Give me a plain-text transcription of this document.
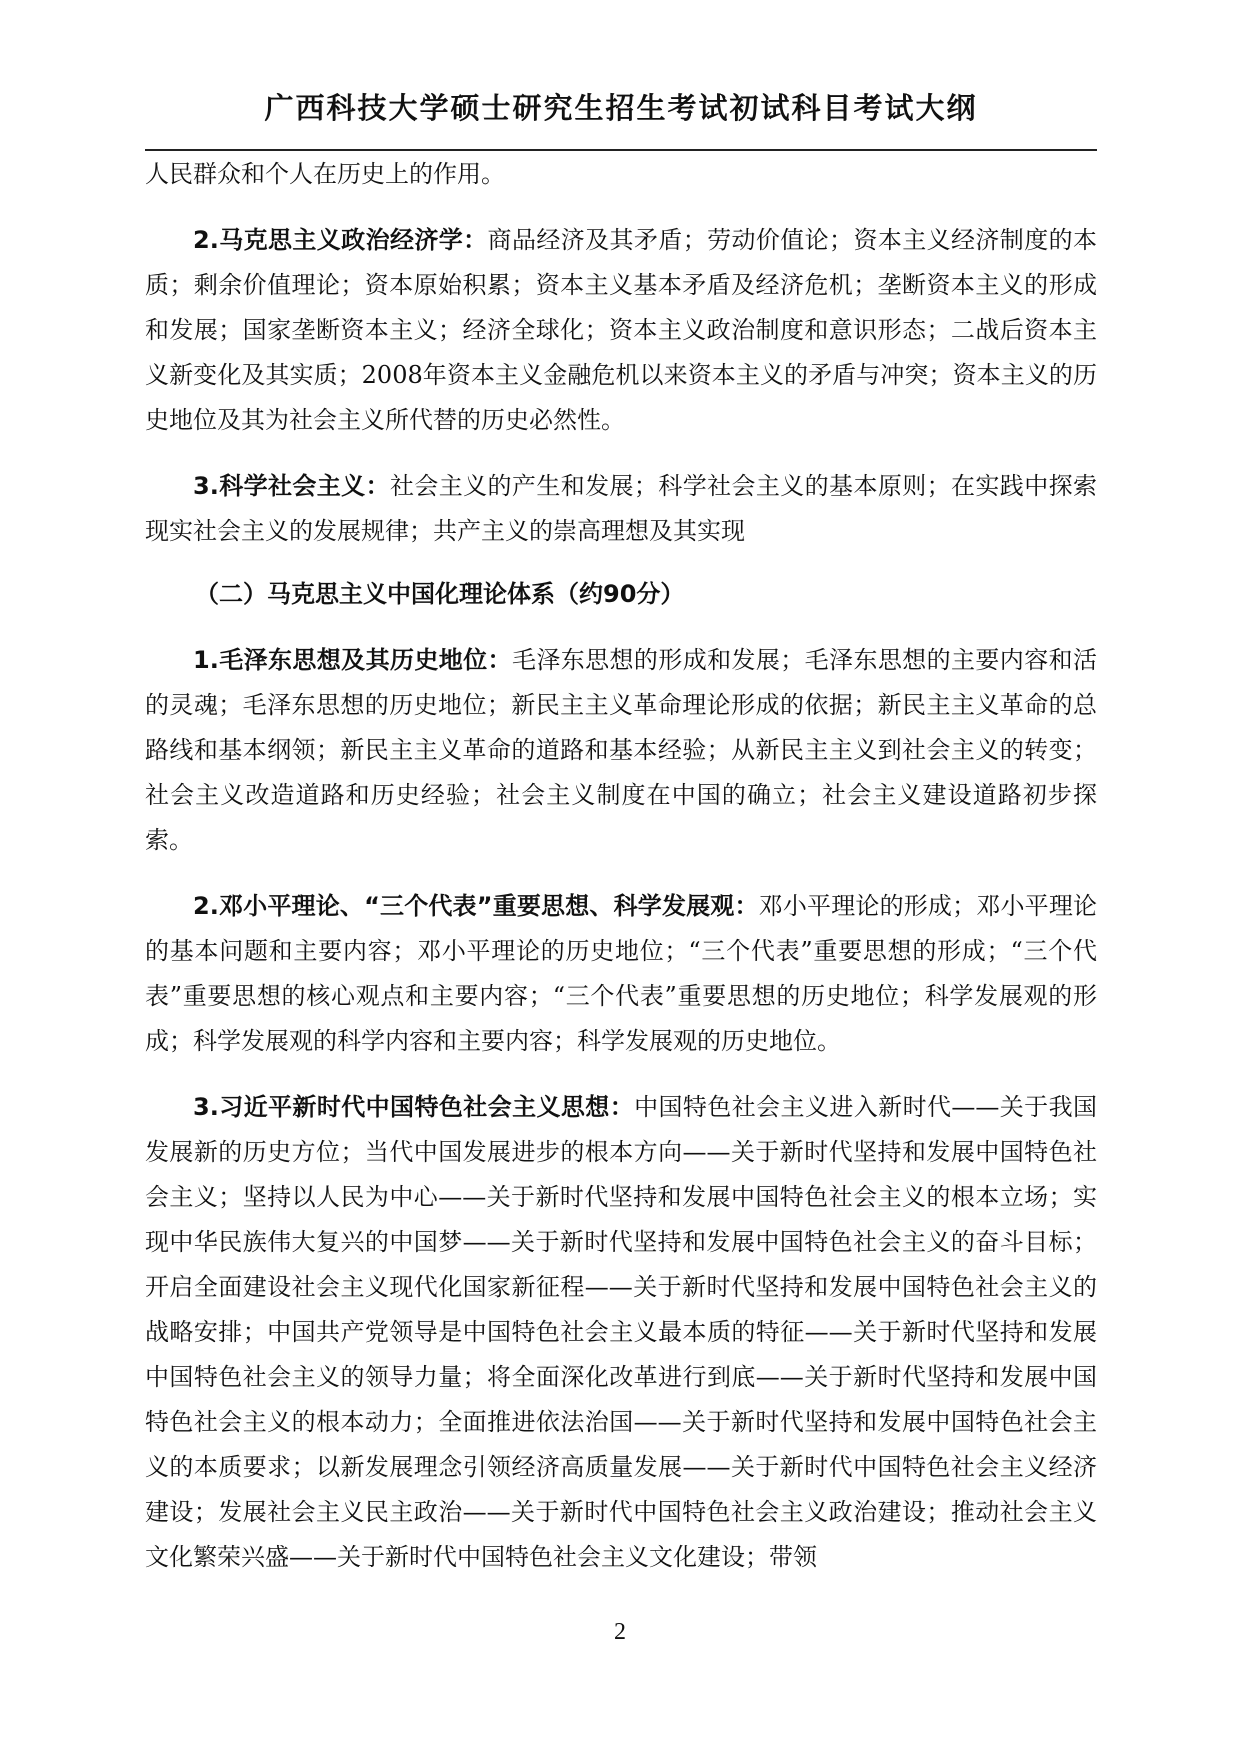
广西科技大学硕士研究生招生考试初试科目考试大纲

人民群众和个人在历史上的作用。

2.马克思主义政治经济学：商品经济及其矛盾；劳动价值论；资本主义经济制度的本质；剩余价值理论；资本原始积累；资本主义基本矛盾及经济危机；垄断资本主义的形成和发展；国家垄断资本主义；经济全球化；资本主义政治制度和意识形态；二战后资本主义新变化及其实质；2008年资本主义金融危机以来资本主义的矛盾与冲突；资本主义的历史地位及其为社会主义所代替的历史必然性。

3.科学社会主义：社会主义的产生和发展；科学社会主义的基本原则；在实践中探索现实社会主义的发展规律；共产主义的崇高理想及其实现

（二）马克思主义中国化理论体系（约90分）

1.毛泽东思想及其历史地位：毛泽东思想的形成和发展；毛泽东思想的主要内容和活的灵魂；毛泽东思想的历史地位；新民主主义革命理论形成的依据；新民主主义革命的总路线和基本纲领；新民主主义革命的道路和基本经验；从新民主主义到社会主义的转变；社会主义改造道路和历史经验；社会主义制度在中国的确立；社会主义建设道路初步探索。

2.邓小平理论、“三个代表”重要思想、科学发展观：邓小平理论的形成；邓小平理论的基本问题和主要内容；邓小平理论的历史地位；“三个代表”重要思想的形成；“三个代表”重要思想的核心观点和主要内容；“三个代表”重要思想的历史地位；科学发展观的形成；科学发展观的科学内容和主要内容；科学发展观的历史地位。

3.习近平新时代中国特色社会主义思想：中国特色社会主义进入新时代——关于我国发展新的历史方位；当代中国发展进步的根本方向——关于新时代坚持和发展中国特色社会主义；坚持以人民为中心——关于新时代坚持和发展中国特色社会主义的根本立场；实现中华民族伟大复兴的中国梦——关于新时代坚持和发展中国特色社会主义的奋斗目标；开启全面建设社会主义现代化国家新征程——关于新时代坚持和发展中国特色社会主义的战略安排；中国共产党领导是中国特色社会主义最本质的特征——关于新时代坚持和发展中国特色社会主义的领导力量；将全面深化改革进行到底——关于新时代坚持和发展中国特色社会主义的根本动力；全面推进依法治国——关于新时代坚持和发展中国特色社会主义的本质要求；以新发展理念引领经济高质量发展——关于新时代中国特色社会主义经济建设；发展社会主义民主政治——关于新时代中国特色社会主义政治建设；推动社会主义文化繁荣兴盛——关于新时代中国特色社会主义文化建设；带领

2
